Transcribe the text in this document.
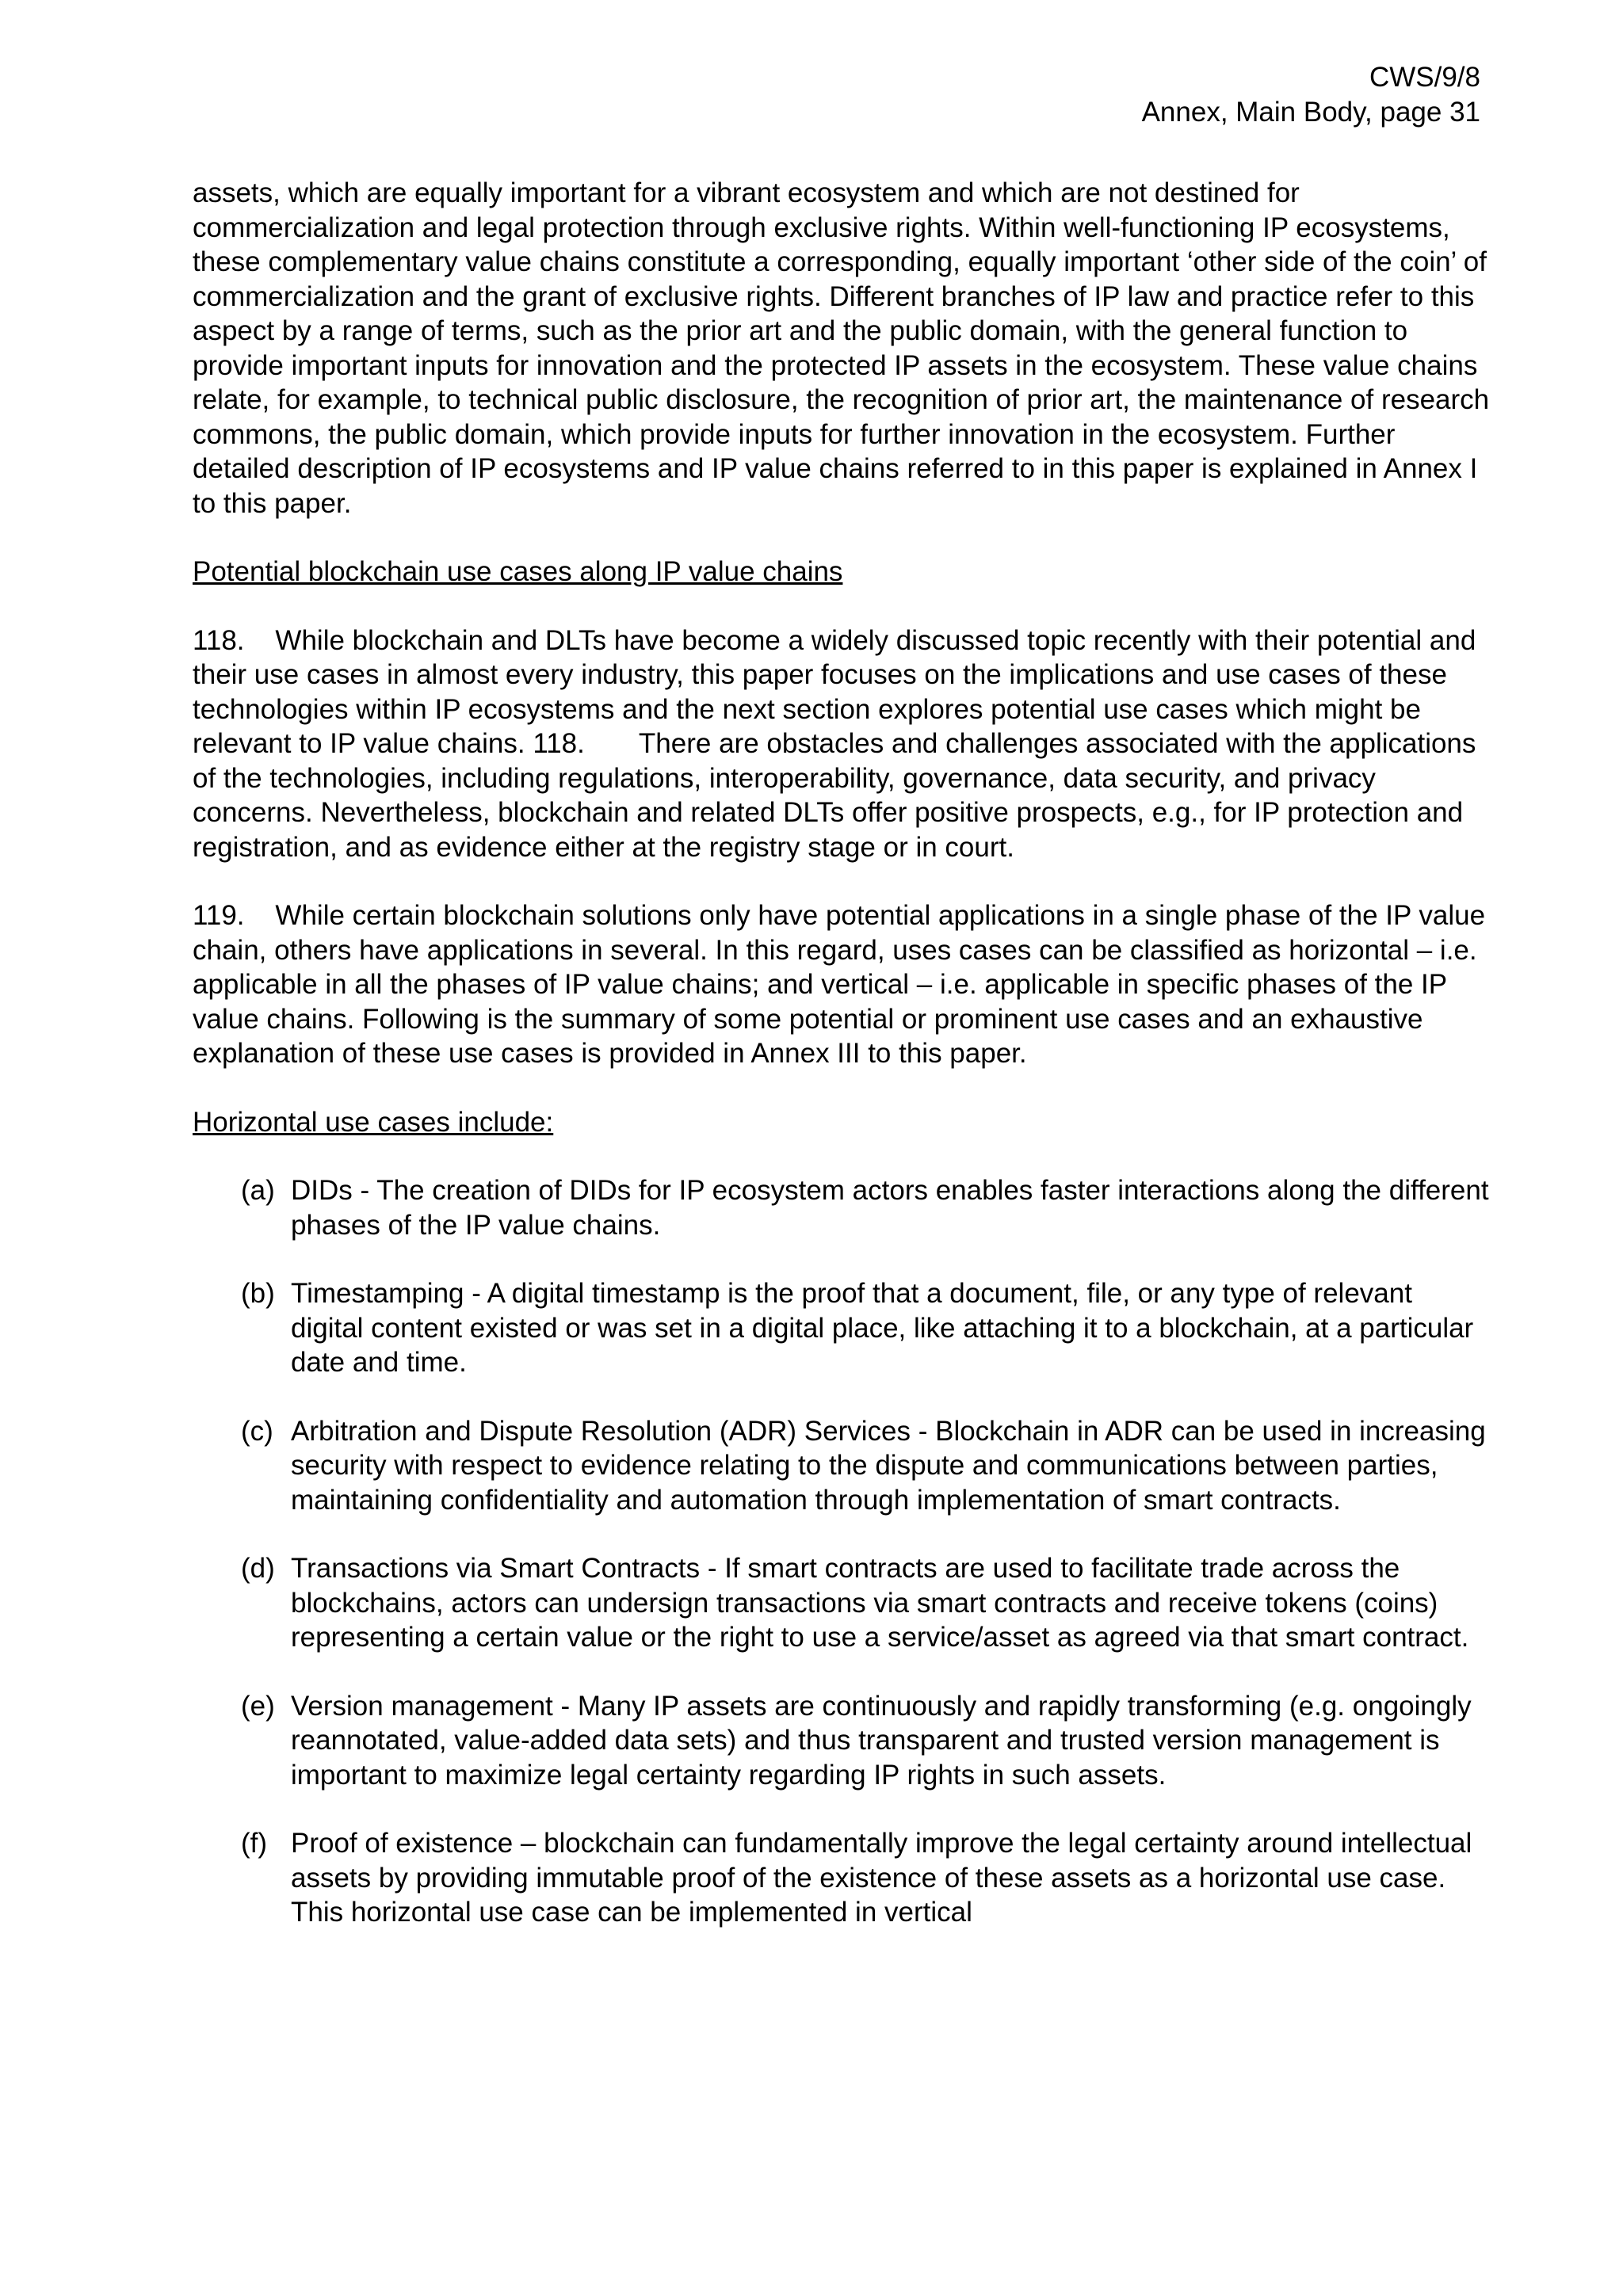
CWS/9/8
Annex, Main Body, page 31

assets, which are equally important for a vibrant ecosystem and which are not destined for commercialization and legal protection through exclusive rights. Within well-functioning IP ecosystems, these complementary value chains constitute a corresponding, equally important ‘other side of the coin’ of commercialization and the grant of exclusive rights. Different branches of IP law and practice refer to this aspect by a range of terms, such as the prior art and the public domain, with the general function to provide important inputs for innovation and the protected IP assets in the ecosystem. These value chains relate, for example, to technical public disclosure, the recognition of prior art, the maintenance of research commons, the public domain, which provide inputs for further innovation in the ecosystem. Further detailed description of IP ecosystems and IP value chains referred to in this paper is explained in Annex I to this paper.

Potential blockchain use cases along IP value chains

118.    While blockchain and DLTs have become a widely discussed topic recently with their potential and their use cases in almost every industry, this paper focuses on the implications and use cases of these technologies within IP ecosystems and the next section explores potential use cases which might be relevant to IP value chains. 118.       There are obstacles and challenges associated with the applications of the technologies, including regulations, interoperability, governance, data security, and privacy concerns. Nevertheless, blockchain and related DLTs offer positive prospects, e.g., for IP protection and registration, and as evidence either at the registry stage or in court.

119.    While certain blockchain solutions only have potential applications in a single phase of the IP value chain, others have applications in several. In this regard, uses cases can be classified as horizontal – i.e. applicable in all the phases of IP value chains; and vertical – i.e. applicable in specific phases of the IP value chains. Following is the summary of some potential or prominent use cases and an exhaustive explanation of these use cases is provided in Annex III to this paper.

Horizontal use cases include:

(a) DIDs - The creation of DIDs for IP ecosystem actors enables faster interactions along the different phases of the IP value chains.
(b) Timestamping - A digital timestamp is the proof that a document, file, or any type of relevant digital content existed or was set in a digital place, like attaching it to a blockchain, at a particular date and time.
(c) Arbitration and Dispute Resolution (ADR) Services - Blockchain in ADR can be used in increasing security with respect to evidence relating to the dispute and communications between parties, maintaining confidentiality and automation through implementation of smart contracts.
(d) Transactions via Smart Contracts - If smart contracts are used to facilitate trade across the blockchains, actors can undersign transactions via smart contracts and receive tokens (coins) representing a certain value or the right to use a service/asset as agreed via that smart contract.
(e) Version management - Many IP assets are continuously and rapidly transforming (e.g. ongoingly reannotated, value-added data sets) and thus transparent and trusted version management is important to maximize legal certainty regarding IP rights in such assets.
(f) Proof of existence – blockchain can fundamentally improve the legal certainty around intellectual assets by providing immutable proof of the existence of these assets as a horizontal use case. This horizontal use case can be implemented in vertical
